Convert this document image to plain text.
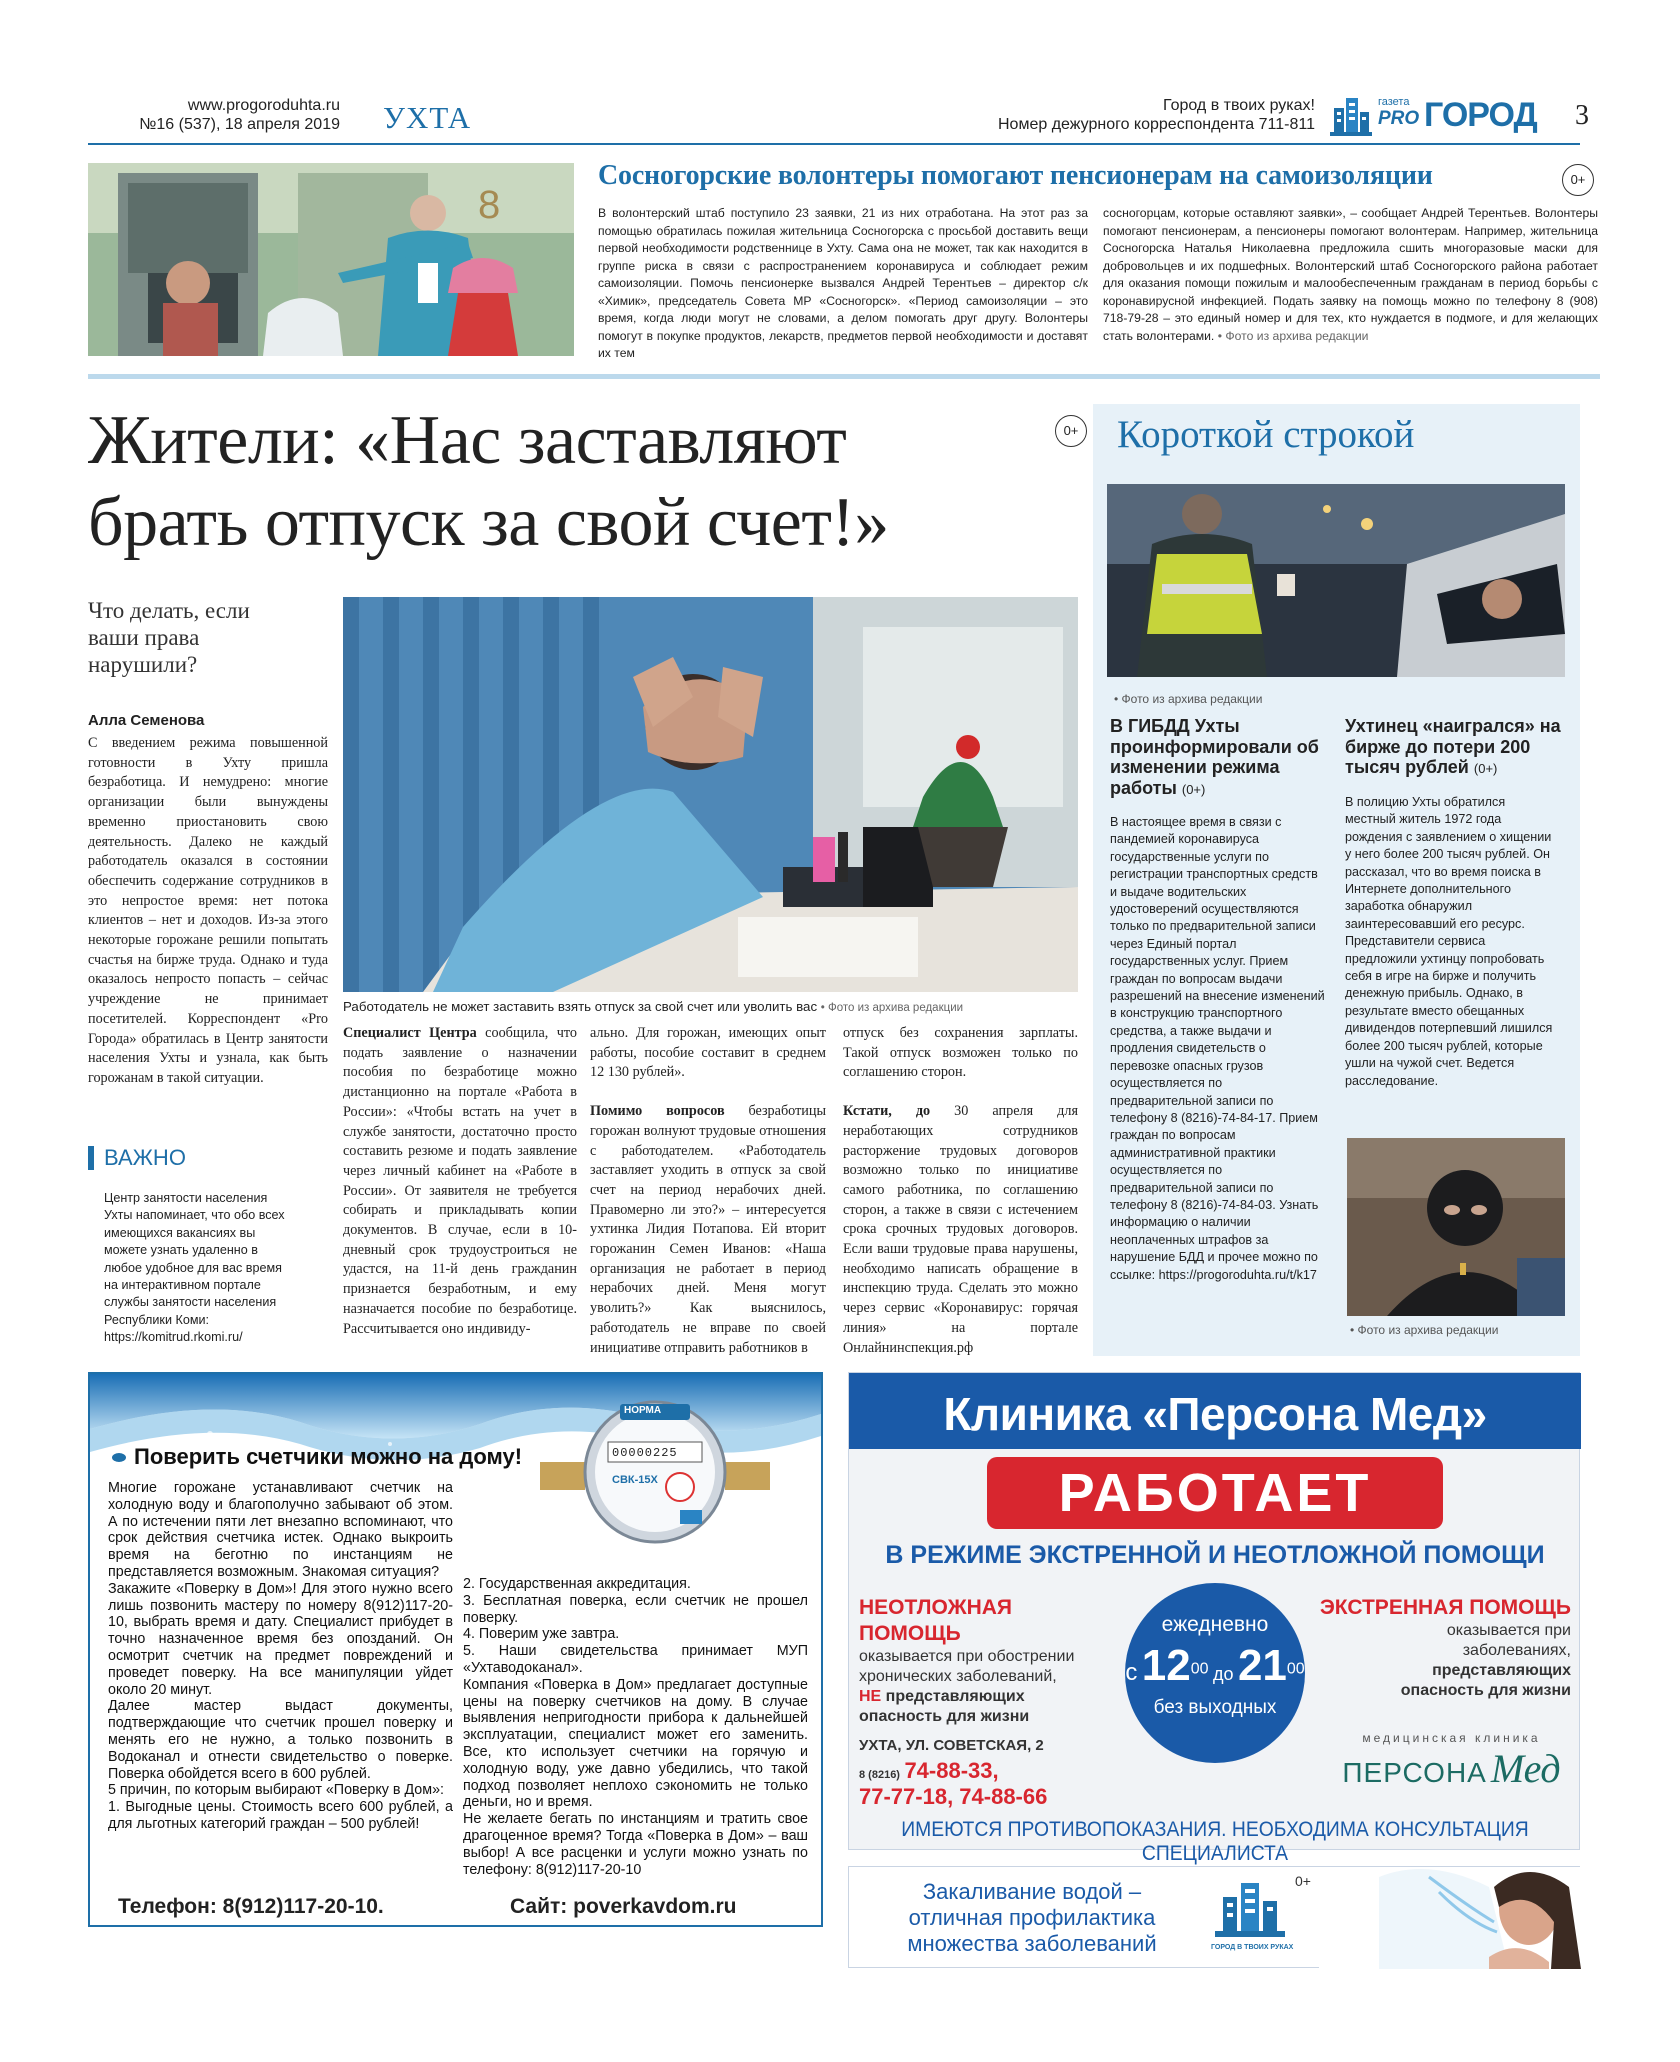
www.progoroduhta.ru
№16 (537), 18 апреля 2019 УХТА	Город в твоих руках!
Номер дежурного корреспондента 711-811
газета
PRO ГОРОД 3
8
Сосногорские волонтеры помогают пенсионерам на самоизоляции	0+
В волонтерский штаб поступило 23 заявки, 21 из них отработана. На этот раз за помощью обратилась пожилая жительница Сосногорска с просьбой доставить вещи первой необходимости родственнице в Ухту. Сама она не может, так как находится в группе риска в связи с распространением коронавируса и соблюдает режим самоизоляции. Помочь пенсионерке вызвался Андрей Терентьев – директор с/к «Химик», председатель Совета МР «Сосногорск». «Период самоизоляции – это время, когда люди могут не словами, а делом помогать друг другу. Волонтеры помогут в покупке продуктов, лекарств, предметов первой необходимости и доставят их тем
сосногорцам, которые оставляют заявки», – сообщает Андрей Терентьев. Волонтеры помогают пенсионерам, а пенсионеры помогают волонтерам. Например, жительница Сосногорска Наталья Николаевна предложила сшить многоразовые маски для добровольцев и их подшефных. Волонтерский штаб Сосногорского района работает для оказания помощи пожилым и малообеспеченным гражданам в период борьбы с коронавирусной инфекцией. Подать заявку на помощь можно по телефону 8 (908) 718-79-28 – это единый номер и для тех, кто нуждается в подмоге, и для желающих стать волонтерами. • Фото из архива редакции
Жители: «Нас заставляют
брать отпуск за свой счет!»
0+
Что делать, если ваши права нарушили?
Алла Семенова
С введением режима повышенной готовности в Ухту пришла безработица. И немудрено: многие организации были вынуждены временно приостановить свою деятельность. Далеко не каждый работодатель оказался в состоянии обеспечить содержание сотрудников в это непростое время: нет потока клиентов – нет и доходов. Из-за этого некоторые горожане решили попытать счастья на бирже труда. Однако и туда оказалось непросто попасть – сейчас учреждение не принимает посетителей. Корреспондент «Pro Города» обратилась в Центр занятости населения Ухты и узнала, как быть горожанам в такой ситуации.
ВАЖНО
Центр занятости населения Ухты напоминает, что обо всех имеющихся вакансиях вы можете узнать удаленно в любое удобное для вас время на интерактивном портале службы занятости населения Республики Коми: https://komitrud.rkomi.ru/
Работодатель не может заставить взять отпуск за свой счет или уволить вас • Фото из архива редакции
Специалист Центра сообщила, что подать заявление о назначении пособия по безработице можно дистанционно на портале «Работа в России»: «Чтобы встать на учет в службе занятости, достаточно просто составить резюме и подать заявление через личный кабинет на «Работе в России». От заявителя не требуется собирать и прикладывать копии документов. В случае, если в 10-дневный срок трудоустроиться не удастся, на 11-й день гражданин признается безработным, и ему назначается пособие по безработице. Рассчитывается оно индивиду-
ально. Для горожан, имеющих опыт работы, пособие составит в среднем 12 130 рублей».
Помимо вопросов безработицы горожан волнуют трудовые отношения с работодателем. «Работодатель заставляет уходить в отпуск за свой счет на период нерабочих дней. Правомерно ли это?» – интересуется ухтинка Лидия Потапова. Ей вторит горожанин Семен Иванов: «Наша организация не работает в период нерабочих дней. Меня могут уволить?» Как выяснилось, работодатель не вправе по своей инициативе отправить работников в
отпуск без сохранения зарплаты. Такой отпуск возможен только по соглашению сторон.
Кстати, до 30 апреля для неработающих сотрудников расторжение трудовых договоров возможно только по инициативе самого работника, по соглашению сторон, а также в связи с истечением срока срочных трудовых договоров. Если ваши трудовые права нарушены, необходимо написать обращение в инспекцию труда. Сделать это можно через сервис «Коронавирус: горячая линия» на портале Онлайнинспекция.рф
Короткой строкой
• Фото из архива редакции
В ГИБДД Ухты проинформировали об изменении режима работы (0+)
В настоящее время в связи с пандемией коронавируса государственные услуги по регистрации транспортных средств и выдаче водительских удостоверений осуществляются только по предварительной записи через Единый портал государственных услуг. Прием граждан по вопросам выдачи разрешений на внесение изменений в конструкцию транспортного средства, а также выдачи и продления свидетельств о перевозке опасных грузов осуществляется по предварительной записи по телефону 8 (8216)-74-84-17. Прием граждан по вопросам административной практики осуществляется по предварительной записи по телефону 8 (8216)-74-84-03. Узнать информацию о наличии неоплаченных штрафов за нарушение БДД и прочее можно по ссылке: https://progoroduhta.ru/t/k17
Ухтинец «наигрался» на бирже до потери 200 тысяч рублей (0+)
В полицию Ухты обратился местный житель 1972 года рождения с заявлением о хищении у него более 200 тысяч рублей. Он рассказал, что во время поиска в Интернете дополнительного заработка обнаружил заинтересовавший его ресурс. Представители сервиса предложили ухтинцу попробовать себя в игре на бирже и получить денежную прибыль. Однако, в результате вместо обещанных дивидендов потерпевший лишился более 200 тысяч рублей, которые ушли на чужой счет. Ведется расследование.
• Фото из архива редакции
НОРМА
00000225
СВК-15Х
Поверить счетчики можно на дому!
Многие горожане устанавливают счетчик на холодную воду и благополучно забывают об этом. А по истечении пяти лет внезапно вспоминают, что срок действия счетчика истек. Однако выкроить время на беготню по инстанциям не представляется возможным. Знакомая ситуация?
Закажите «Поверку в Дом»! Для этого нужно всего лишь позвонить мастеру по номеру 8(912)117-20-10, выбрать время и дату. Специалист прибудет в точно назначенное время без опозданий. Он осмотрит счетчик на предмет повреждений и проведет поверку. На все манипуляции уйдет около 20 минут.
Далее мастер выдаст документы, подтверждающие что счетчик прошел поверку и менять его не нужно, а только позвонить в Водоканал и отнести свидетельство о поверке. Поверка обойдется всего в 600 рублей.
5 причин, по которым выбирают «Поверку в Дом»:
1. Выгодные цены. Стоимость всего 600 рублей, а для льготных категорий граждан – 500 рублей!
2. Государственная аккредитация.
3. Бесплатная поверка, если счетчик не прошел поверку.
4. Поверим уже завтра.
5. Наши свидетельства принимает МУП «Ухтаводоканал».
Компания «Поверка в Дом» предлагает доступные цены на поверку счетчиков на дому. В случае выявления непригодности прибора к дальнейшей эксплуатации, специалист может его заменить. Все, кто использует счетчики на горячую и холодную воду, уже давно убедились, что такой подход позволяет неплохо сэкономить не только деньги, но и время.
Не желаете бегать по инстанциям и тратить свое драгоценное время? Тогда «Поверка в Дом» – ваш выбор! А все расценки и услуги можно узнать по телефону: 8(912)117-20-10
Телефон: 8(912)117-20-10.	Сайт: poverkavdom.ru
Клиника «Персона Мед»
РАБОТАЕТ
В РЕЖИМЕ ЭКСТРЕННОЙ И НЕОТЛОЖНОЙ ПОМОЩИ
НЕОТЛОЖНАЯ ПОМОЩЬ
оказывается при обострении
хронических заболеваний,
НЕ представляющих
опасность для жизни
ежедневно
с $12^{00}$ до $21^{00}$
без выходных
ЭКСТРЕННАЯ ПОМОЩЬ
оказывается при
заболеваниях,
представляющих
опасность для жизни
УХТА, УЛ. СОВЕТСКАЯ, 2
8 (8216) 74-88-33,
77-77-18, 74-88-66
медицинская клиника
ПЕРСОНА Мед
ИМЕЮТСЯ ПРОТИВОПОКАЗАНИЯ. НЕОБХОДИМА КОНСУЛЬТАЦИЯ СПЕЦИАЛИСТА
Закаливание водой –
отличная профилактика
множества заболеваний	ГОРОД В ТВОИХ РУКАХ
0+
